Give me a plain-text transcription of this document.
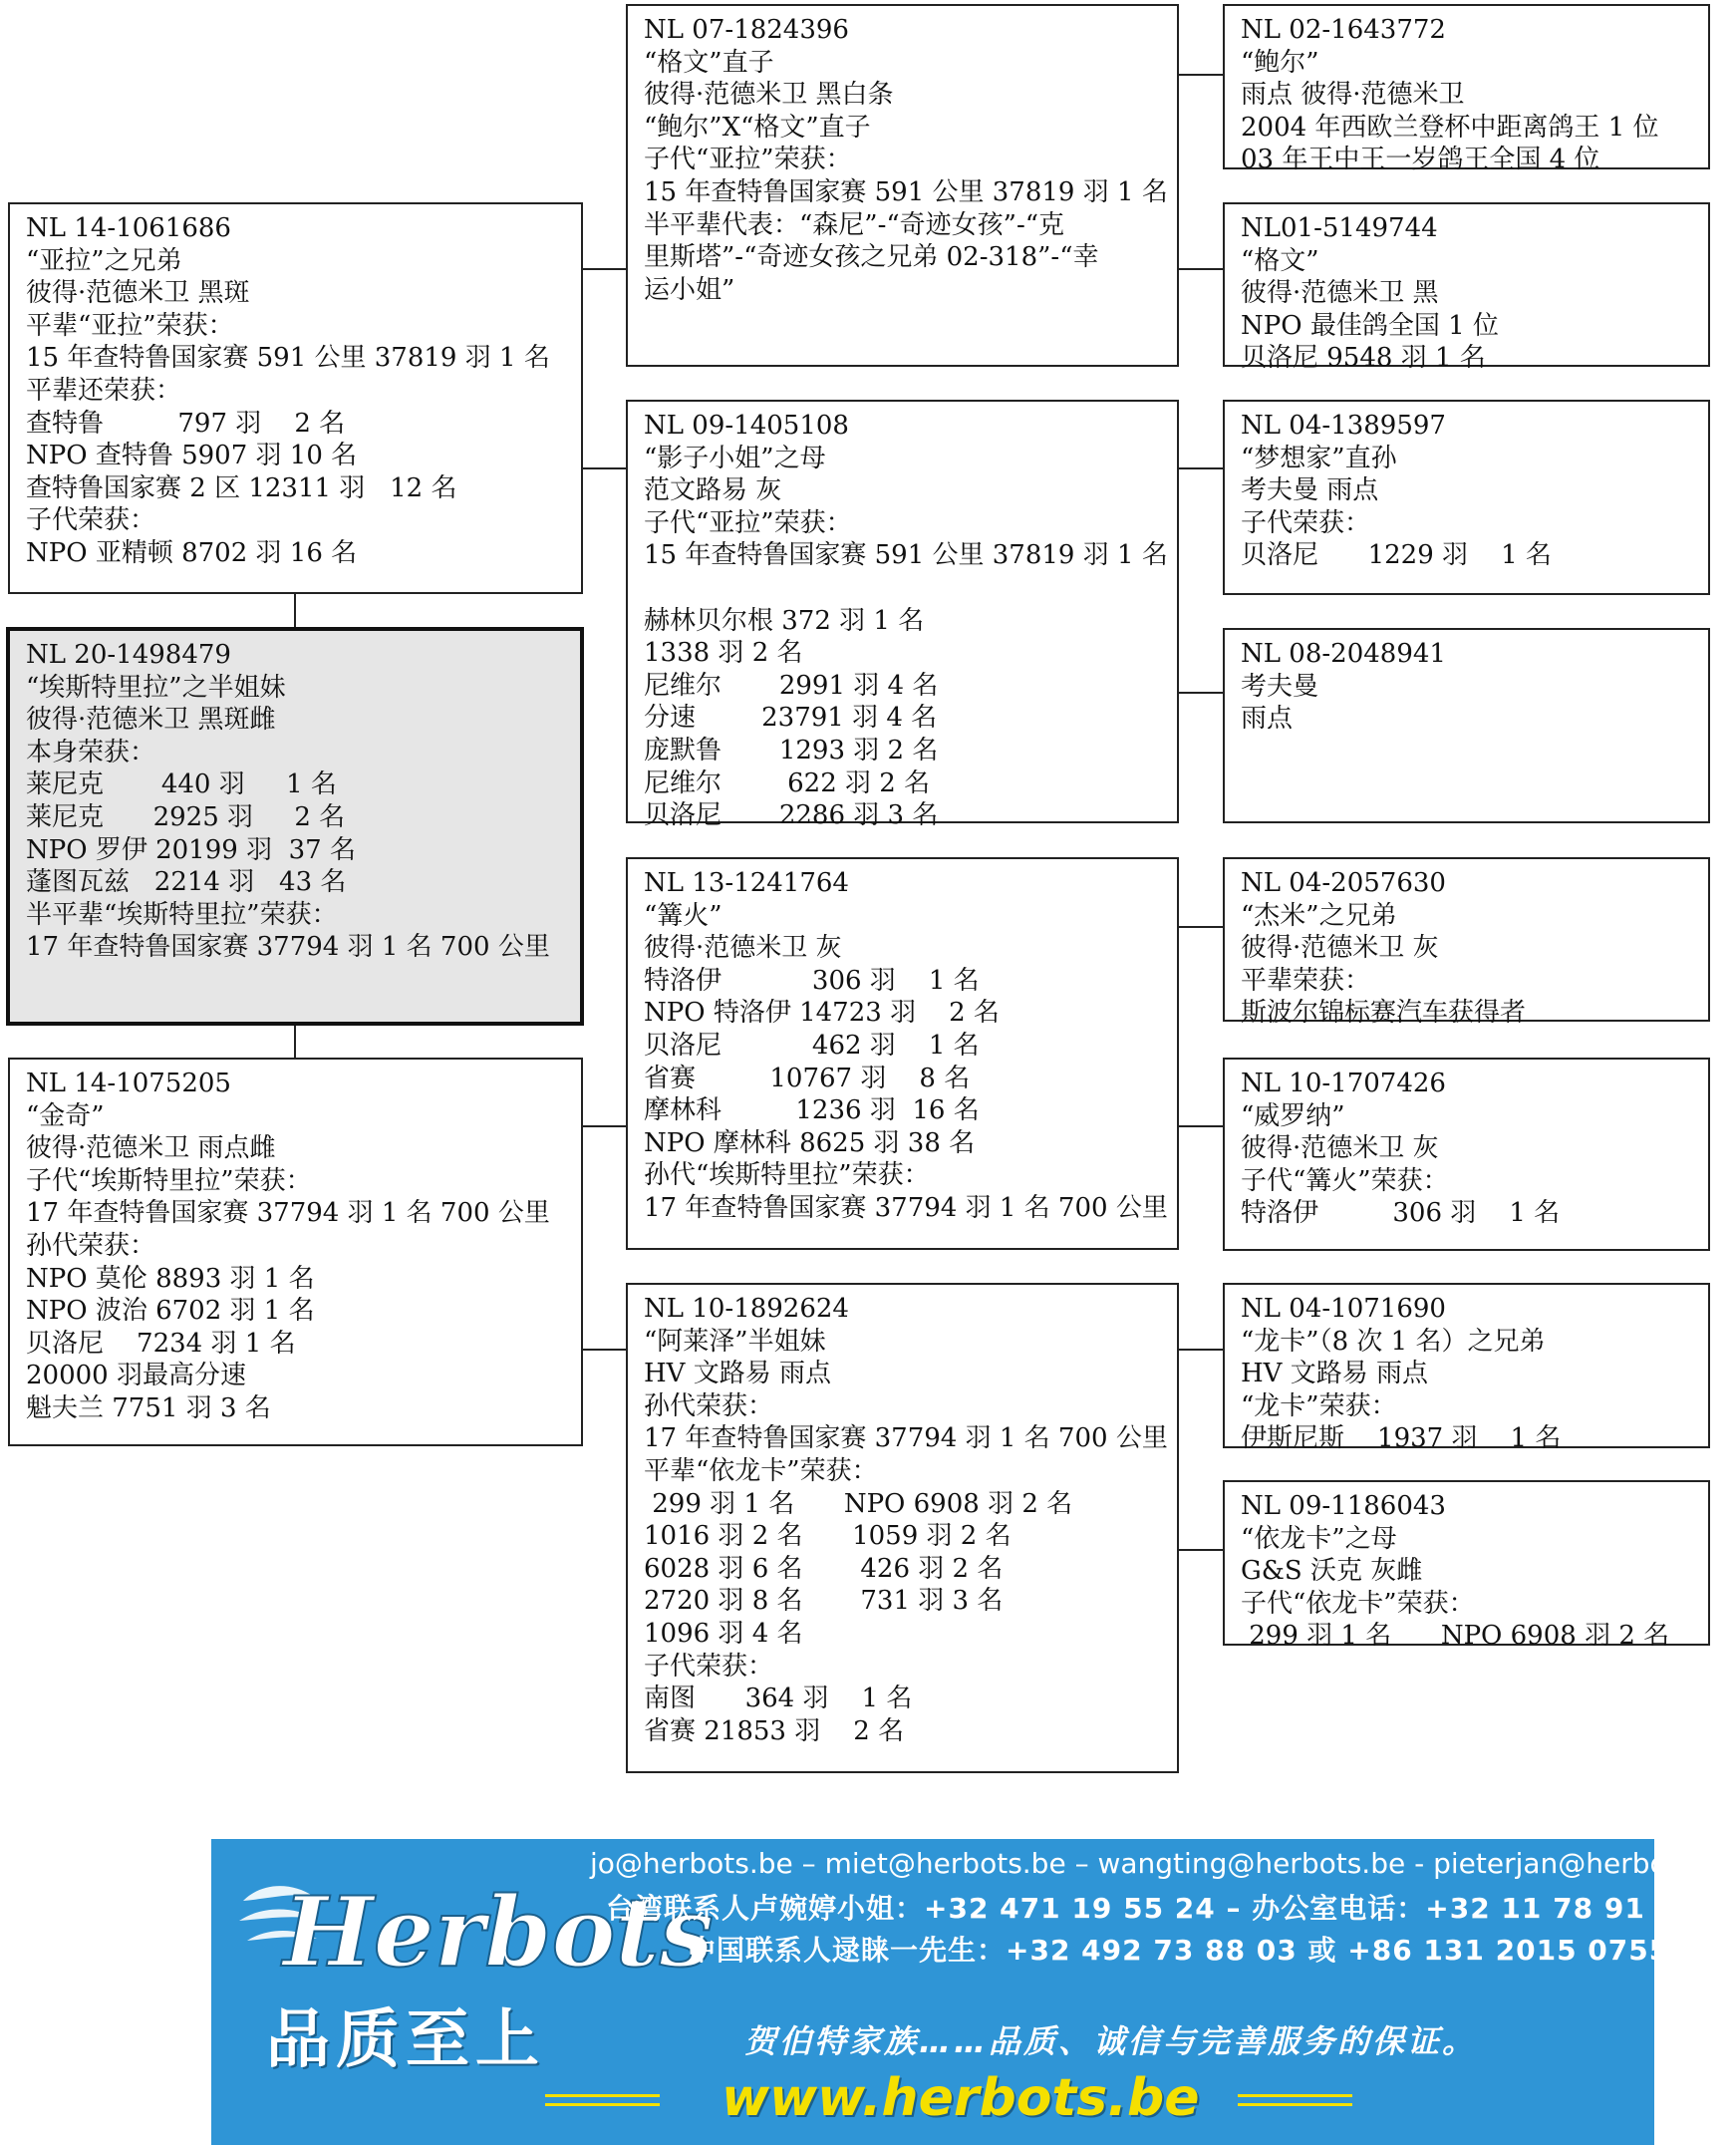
NL 14-1061686
“亚拉”之兄弟
彼得·范德米卫 黑斑
平辈“亚拉”荣获：
15 年查特鲁国家赛 591 公里 37819 羽 1 名
平辈还荣获：
查特鲁         797 羽    2 名
NPO 查特鲁 5907 羽 10 名
查特鲁国家赛 2 区 12311 羽   12 名
子代荣获：
NPO 亚精顿 8702 羽 16 名
NL 20-1498479
“埃斯特里拉”之半姐妹
彼得·范德米卫 黑斑雌
本身荣获：
莱尼克       440 羽     1 名
莱尼克      2925 羽     2 名
NPO 罗伊 20199 羽  37 名
蓬图瓦兹   2214 羽   43 名
半平辈“埃斯特里拉”荣获：
17 年查特鲁国家赛 37794 羽 1 名 700 公里
NL 14-1075205
“金奇”
彼得·范德米卫 雨点雌
子代“埃斯特里拉”荣获：
17 年查特鲁国家赛 37794 羽 1 名 700 公里
孙代荣获：
NPO 莫伦 8893 羽 1 名
NPO 波治 6702 羽 1 名
贝洛尼    7234 羽 1 名
20000 羽最高分速
魁夫兰 7751 羽 3 名
NL 07-1824396
“格文”直子
彼得·范德米卫 黑白条
“鲍尔”X“格文”直子
子代“亚拉”荣获：
15 年查特鲁国家赛 591 公里 37819 羽 1 名
半平辈代表：“森尼”-“奇迹女孩”-“克
里斯塔”-“奇迹女孩之兄弟 02-318”-“幸
运小姐”
NL 09-1405108
“影子小姐”之母
范文路易 灰
子代“亚拉”荣获：
15 年查特鲁国家赛 591 公里 37819 羽 1 名

赫林贝尔根 372 羽 1 名
1338 羽 2 名
尼维尔       2991 羽 4 名
分速        23791 羽 4 名
庞默鲁       1293 羽 2 名
尼维尔        622 羽 2 名
贝洛尼       2286 羽 3 名
NL 13-1241764
“篝火”
彼得·范德米卫 灰
特洛伊           306 羽    1 名
NPO 特洛伊 14723 羽    2 名
贝洛尼           462 羽    1 名
省赛         10767 羽    8 名
摩林科         1236 羽  16 名
NPO 摩林科 8625 羽 38 名
孙代“埃斯特里拉”荣获：
17 年查特鲁国家赛 37794 羽 1 名 700 公里
NL 10-1892624
“阿莱泽”半姐妹
HV 文路易 雨点
孙代荣获：
17 年查特鲁国家赛 37794 羽 1 名 700 公里
平辈“依龙卡”荣获：
299 羽 1 名      NPO 6908 羽 2 名
1016 羽 2 名      1059 羽 2 名
6028 羽 6 名       426 羽 2 名
2720 羽 8 名       731 羽 3 名
1096 羽 4 名
子代荣获：
南图      364 羽    1 名
省赛 21853 羽    2 名
NL 02-1643772
“鲍尔”
雨点 彼得·范德米卫
2004 年西欧兰登杯中距离鸽王 1 位
03 年王中王一岁鸽王全国 4 位
NL01-5149744
“格文”
彼得·范德米卫 黑
NPO 最佳鸽全国 1 位
贝洛尼 9548 羽 1 名
NL 04-1389597
“梦想家”直孙
考夫曼 雨点
子代荣获：
贝洛尼      1229 羽    1 名
NL 08-2048941
考夫曼
雨点
NL 04-2057630
“杰米”之兄弟
彼得·范德米卫 灰
平辈荣获：
斯波尔锦标赛汽车获得者
NL 10-1707426
“威罗纳”
彼得·范德米卫 灰
子代“篝火”荣获：
特洛伊         306 羽    1 名
NL 04-1071690
“龙卡”（8 次 1 名）之兄弟
HV 文路易 雨点
“龙卡”荣获：
伊斯尼斯    1937 羽    1 名
NL 09-1186043
“依龙卡”之母
G&S 沃克 灰雌
子代“依龙卡”荣获：
299 羽 1 名      NPO 6908 羽 2 名
Herbots
品质至上
jo@herbots.be – miet@herbots.be – wangting@herbots.be - pieterjan@herbots.be
台湾联系人卢婉婷小姐：+32 471 19 55 24 – 办公室电话：+32 11 78 91 90
中国联系人逯睐一先生：+32 492 73 88 03 或 +86 131 2015 0755
贺伯特家族……品质、诚信与完善服务的保证。
www.herbots.be
